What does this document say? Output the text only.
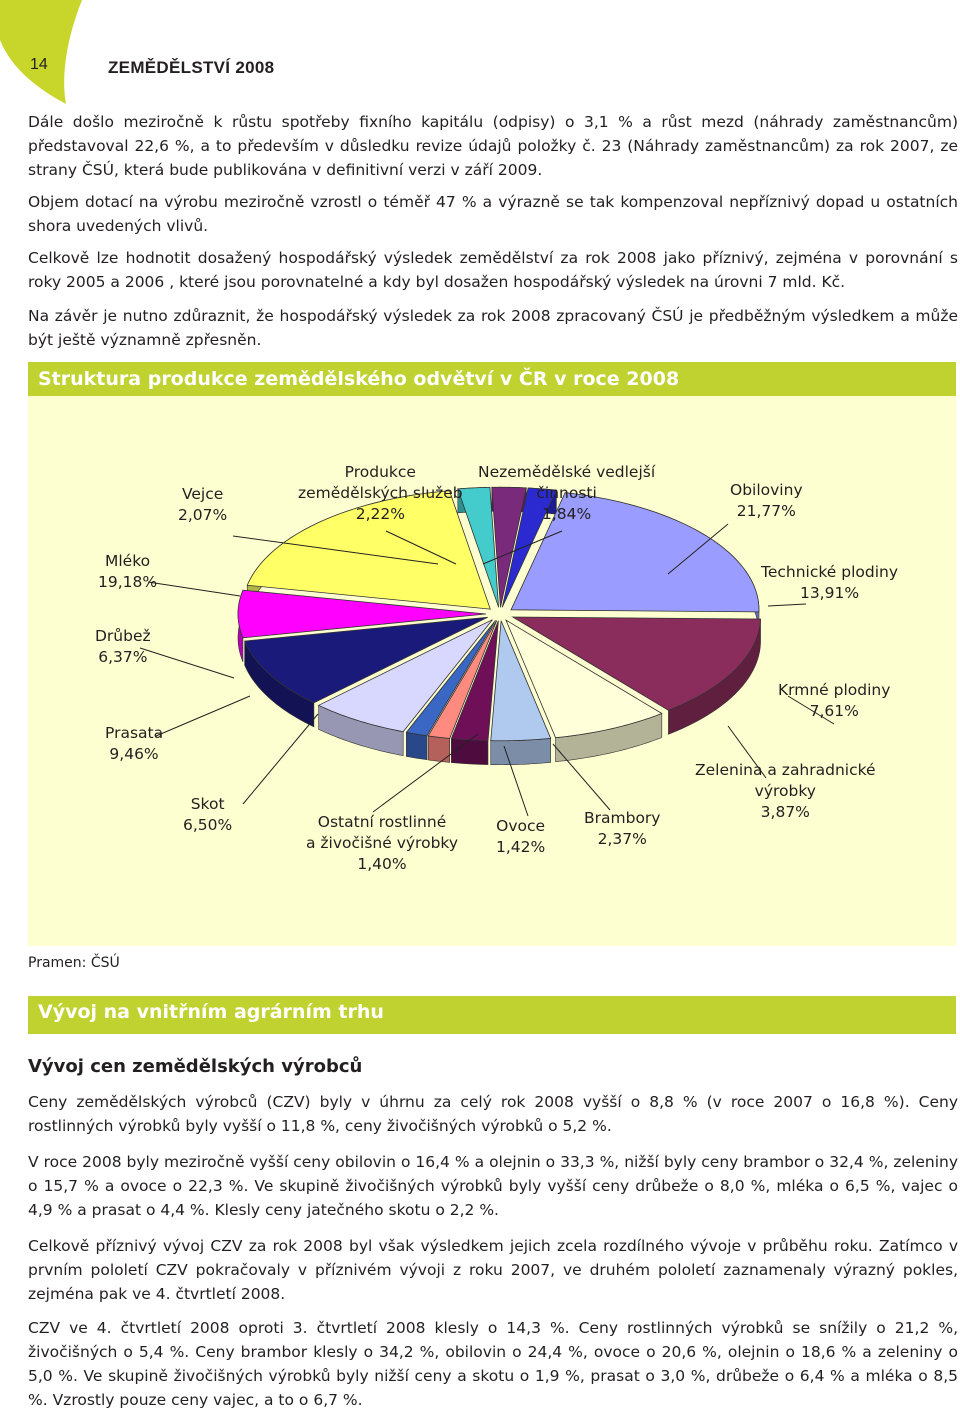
14	ZEMĚDĚLSTVÍ 2008

Dále došlo meziročně k růstu spotřeby fixního kapitálu (odpisy) o 3,1 % a růst mezd (náhrady zaměstnancům) představoval 22,6 %, a to především v důsledku revize údajů položky č. 23 (Náhrady zaměstnancům) za rok 2007, ze strany ČSÚ, která bude publikována v definitivní verzi v září 2009.

Objem dotací na výrobu meziročně vzrostl o téměř 47 % a výrazně se tak kompenzoval nepříznivý dopad u ostatních shora uvedených vlivů.

Celkově lze hodnotit dosažený hospodářský výsledek zemědělství za rok 2008 jako příznivý, zejména v porovnání s roky 2005 a 2006 , které jsou porovnatelné a kdy byl dosažen hospodářský výsledek na úrovni 7 mld. Kč.

Na závěr je nutno zdůraznit, že hospodářský výsledek za rok 2008 zpracovaný ČSÚ je předběžným výsledkem a může být ještě významně zpřesněn.

Struktura produkce zemědělského odvětví v ČR v roce 2008
Vejce
2,07%
Produkce
zemědělských služeb
2,22%
Nezemědělské vedlejší
činnosti
1,84%
Obiloviny
21,77%
Mléko
19,18%
Technické plodiny
13,91%
Drůbež
6,37%
Krmné plodiny
7,61%
Prasata
9,46%
Zelenina a zahradnické
výrobky
3,87%
Skot
6,50%	Ostatní rostlinné
a živočišné výrobky
1,40%
Ovoce
1,42%
Brambory
2,37%
Pramen: ČSÚ
Vývoj na vnitřním agrárním trhu
Vývoj cen zemědělských výrobců

Ceny zemědělských výrobců (CZV) byly v úhrnu za celý rok 2008 vyšší o 8,8 % (v roce 2007 o 16,8 %). Ceny rostlinných výrobků byly vyšší o 11,8 %, ceny živočišných výrobků o 5,2 %.

V roce 2008 byly meziročně vyšší ceny obilovin o 16,4 % a olejnin o 33,3 %, nižší byly ceny brambor o 32,4 %, zeleniny o 15,7 % a ovoce o 22,3 %. Ve skupině živočišných výrobků byly vyšší ceny drůbeže o 8,0 %, mléka o 6,5 %, vajec o 4,9 % a prasat o 4,4 %. Klesly ceny jatečného skotu o 2,2 %.

Celkově příznivý vývoj CZV za rok 2008 byl však výsledkem jejich zcela rozdílného vývoje v průběhu roku. Zatímco v prvním pololetí CZV pokračovaly v příznivém vývoji z roku 2007, ve druhém pololetí zaznamenaly výrazný pokles, zejména pak ve 4. čtvrtletí 2008.

CZV ve 4. čtvrtletí 2008 oproti 3. čtvrtletí 2008 klesly o 14,3 %. Ceny rostlinných výrobků se snížily o 21,2 %, živočišných o 5,4 %. Ceny brambor klesly o 34,2 %, obilovin o 24,4 %, ovoce o 20,6 %, olejnin o 18,6 % a zeleniny o 5,0 %. Ve skupině živočišných výrobků byly nižší ceny a skotu o 1,9 %, prasat o 3,0 %, drůbeže o 6,4 % a mléka o 8,5 %. Vzrostly pouze ceny vajec, a to o 6,7 %.
